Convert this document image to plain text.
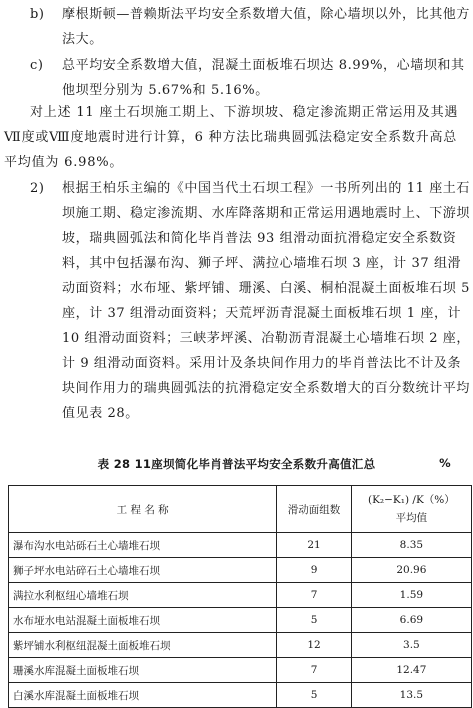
b) 摩根斯顿—普赖斯法平均安全系数增大值，除心墙坝以外，比其他方法大。
c) 总平均安全系数增大值，混凝土面板堆石坝达 8.99%，心墙坝和其他坝型分别为 5.67%和 5.16%。
对上述 11 座土石坝施工期上、下游坝坡、稳定渗流期正常运用及其遇Ⅶ度或Ⅷ度地震时进行计算，6 种方法比瑞典圆弧法稳定安全系数升高总平均值为 6.98%。
2) 根据王柏乐主编的《中国当代土石坝工程》一书所列出的 11 座土石坝施工期、稳定渗流期、水库降落期和正常运用遇地震时上、下游坝坡，瑞典圆弧法和简化毕肖普法 93 组滑动面抗滑稳定安全系数资料，其中包括瀑布沟、狮子坪、满拉心墙堆石坝 3 座，计 37 组滑动面资料；水布垭、紫坪铺、珊溪、白溪、桐柏混凝土面板堆石坝 5 座，计 37 组滑动面资料；天荒坪沥青混凝土面板堆石坝 1 座，计 10 组滑动面资料；三峡茅坪溪、冶勒沥青混凝土心墙堆石坝 2 座，计 9 组滑动面资料。采用计及条块间作用力的毕肖普法比不计及条块间作用力的瑞典圆弧法的抗滑稳定安全系数增大的百分数统计平均值见表 28。
表 28 11座坝简化毕肖普法平均安全系数升高值汇总	%
工 程 名 称	滑动面组数	(K₂−K₁) /K（%）
平均值

瀑布沟水电站砾石土心墙堆石坝	21	8.35
狮子坪水电站碎石土心墙堆石坝	9	20.96
满拉水利枢纽心墙堆石坝	7	1.59
水布垭水电站混凝土面板堆石坝	5	6.69
紫坪铺水利枢纽混凝土面板堆石坝	12	3.5
珊溪水库混凝土面板堆石坝	7	12.47
白溪水库混凝土面板堆石坝	5	13.5
